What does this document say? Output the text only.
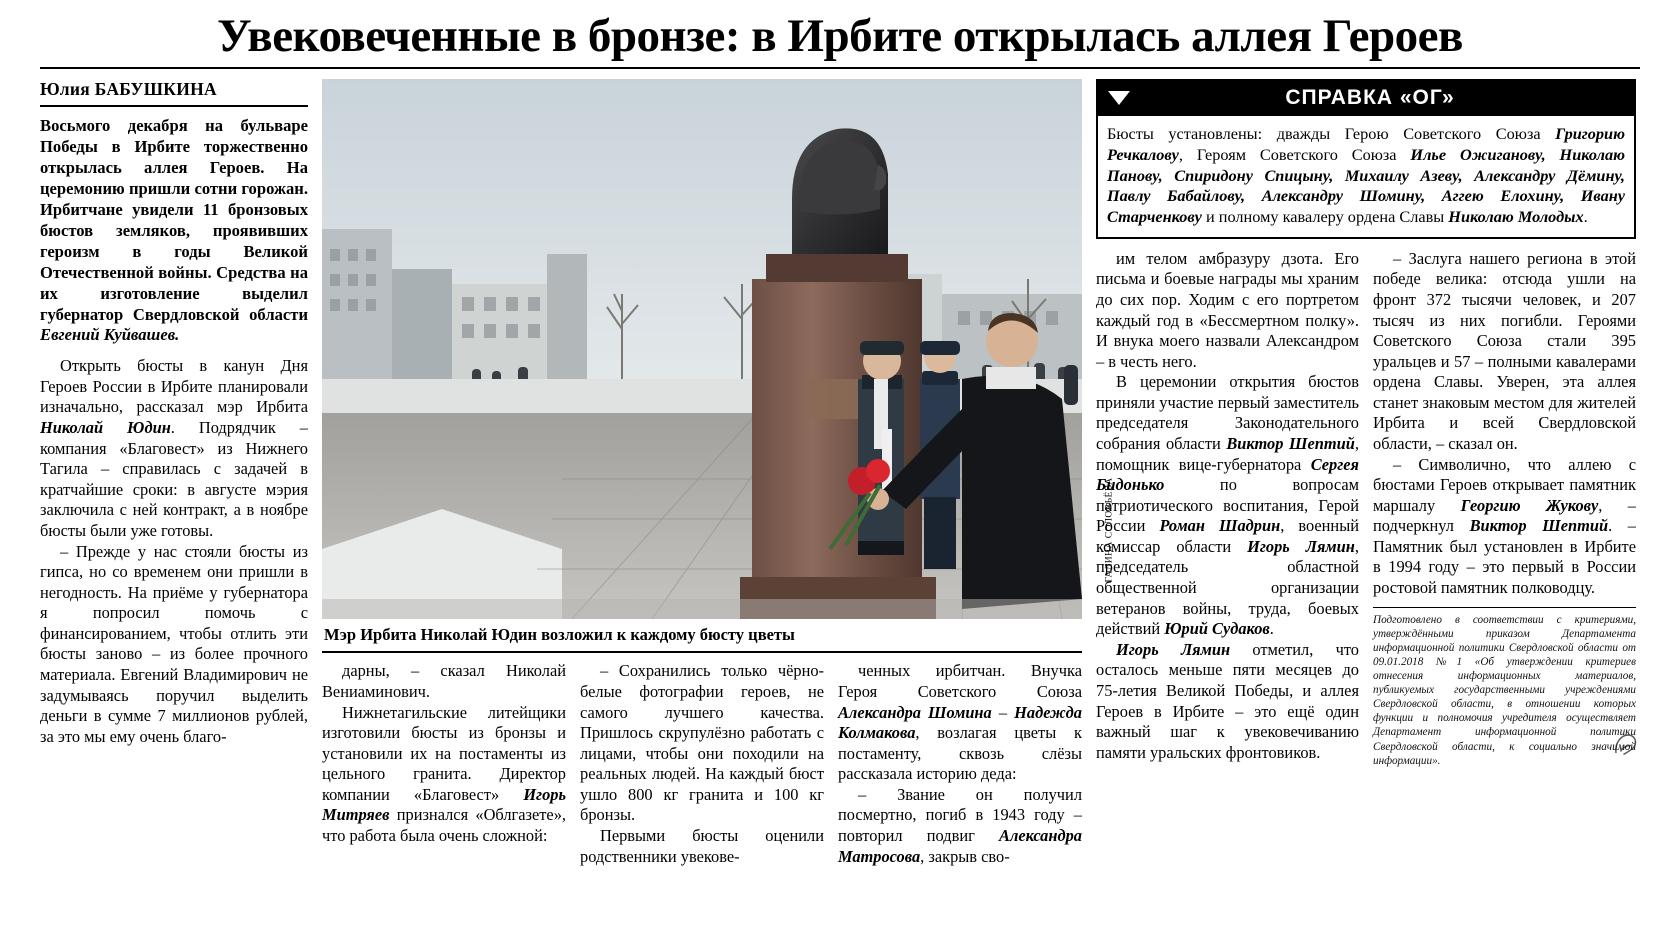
Увековеченные в бронзе: в Ирбите открылась аллея Героев
Юлия БАБУШКИНА
Восьмого декабря на бульваре Победы в Ирбите торжественно открылась аллея Героев. На церемонию пришли сотни горожан. Ирбитчане увидели 11 бронзовых бюстов земляков, проявивших героизм в годы Великой Отечественной войны. Средства на их изготовление выделил губернатор Свердловской области Евгений Куйвашев.

Открыть бюсты в канун Дня Героев России в Ирбите планировали изначально, рассказал мэр Ирбита Николай Юдин. Подрядчик – компания «Благовест» из Нижнего Тагила – справилась с задачей в кратчайшие сроки: в августе мэрия заключила с ней контракт, а в ноябре бюсты были уже готовы.

– Прежде у нас стояли бюсты из гипса, но со временем они пришли в негодность. На приёме у губернатора я попросил помочь с финансированием, чтобы отлить эти бюсты заново – из более прочного материала. Евгений Владимирович не задумываясь поручил выделить деньги в сумме 7 миллионов рублей, за это мы ему очень благо-

ГАЛИНА СОЛОВЬЁВА
Мэр Ирбита Николай Юдин возложил к каждому бюсту цветы

дарны, – сказал Николай Вениаминович.

Нижнетагильские литейщики изготовили бюсты из бронзы и установили их на постаменты из цельного гранита. Директор компании «Благовест» Игорь Митряев признался «Облгазете», что работа была очень сложной:

– Сохранились только чёрно-белые фотографии героев, не самого лучшего качества. Пришлось скрупулёзно работать с лицами, чтобы они походили на реальных людей. На каждый бюст ушло 800 кг гранита и 100 кг бронзы.

Первыми бюсты оценили родственники увекове-

ченных ирбитчан. Внучка Героя Советского Союза Александра Шомина – Надежда Колмакова, возлагая цветы к постаменту, сквозь слёзы рассказала историю деда:

– Звание он получил посмертно, погиб в 1943 году – повторил подвиг Александра Матросова, закрыв сво-

СПРАВКА «ОГ»
Бюсты установлены: дважды Герою Советского Союза Григорию Речкалову, Героям Советского Союза Илье Ожиганову, Николаю Панову, Спиридону Спицыну, Михаилу Азеву, Александру Дёмину, Павлу Бабайлову, Александру Шомину, Аггею Елохину, Ивану Старченкову и полному кавалеру ордена Славы Николаю Молодых.

им телом амбразуру дзота. Его письма и боевые награды мы храним до сих пор. Ходим с его портретом каждый год в «Бессмертном полку». И внука моего назвали Александром – в честь него.

В церемонии открытия бюстов приняли участие первый заместитель председателя Законодательного собрания области Виктор Шептий, помощник вице-губернатора Сергея Бидонько по вопросам патриотического воспитания, Герой России Роман Шадрин, военный комиссар области Игорь Лямин, председатель областной общественной организации ветеранов войны, труда, боевых действий Юрий Судаков.

Игорь Лямин отметил, что осталось меньше пяти месяцев до 75-летия Великой Победы, и аллея Героев в Ирбите – это ещё один важный шаг к увековечиванию памяти уральских фронтовиков.

– Заслуга нашего региона в этой победе велика: отсюда ушли на фронт 372 тысячи человек, и 207 тысяч из них погибли. Героями Советского Союза стали 395 уральцев и 57 – полными кавалерами ордена Славы. Уверен, эта аллея станет знаковым местом для жителей Ирбита и всей Свердловской области, – сказал он.

– Символично, что аллею с бюстами Героев открывает памятник маршалу Георгию Жукову, – подчеркнул Виктор Шептий. – Памятник был установлен в Ирбите в 1994 году – это первый в России ростовой памятник полководцу.

Подготовлено в соответствии с критериями, утверждёнными приказом Департамента информационной политики Свердловской области от 09.01.2018 №1 «Об утверждении критериев отнесения информационных материалов, публикуемых государственными учреждениями Свердловской области, в отношении которых функции и полномочия учредителя осуществляет Департамент информационной политики Свердловской области, к социально значимой информации».
